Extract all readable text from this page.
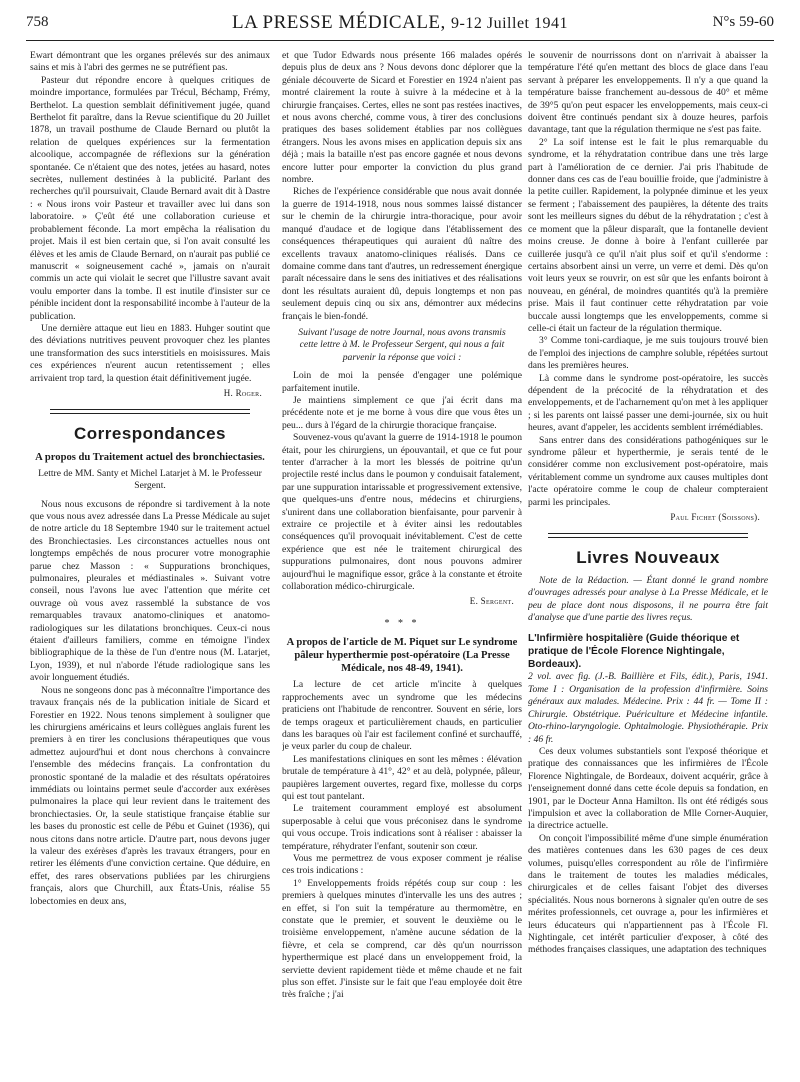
758	LA PRESSE MÉDICALE, 9-12 Juillet 1941	N°s 59-60

Ewart démontrant que les organes prélevés sur des animaux sains et mis à l'abri des germes ne se putréfient pas.

Pasteur dut répondre encore à quelques critiques de moindre importance, formulées par Trécul, Béchamp, Frémy, Berthelot. La question semblait définitivement jugée, quand Berthelot fit paraître, dans la Revue scientifique du 20 Juillet 1878, un travail posthume de Claude Bernard ou plutôt la relation de quelques expériences sur la fermentation alcoolique, accompagnée de réflexions sur la génération spontanée. Ce n'étaient que des notes, jetées au hasard, notes secrètes, nullement destinées à la publicité. Parlant des recherches qu'il poursuivait, Claude Bernard avait dit à Dastre : « Nous irons voir Pasteur et travailler avec lui dans son laboratoire. » Ç'eût été une collaboration curieuse et probablement féconde. La mort empêcha la réalisation du projet. Mais il est bien certain que, si l'on avait consulté les élèves et les amis de Claude Bernard, on n'aurait pas publié ce manuscrit « soigneusement caché », jamais on n'aurait commis un acte qui violait le secret que l'illustre savant avait voulu emporter dans la tombe. Il est inutile d'insister sur ce pénible incident dont la responsabilité incombe à l'auteur de la publication.

Une dernière attaque eut lieu en 1883. Huhger soutint que des déviations nutritives peuvent provoquer chez les plantes une transformation des sucs interstitiels en moisissures. Mais ces expériences n'eurent aucun retentissement ; elles arrivaient trop tard, la question était définitivement jugée.

H. Roger.
Correspondances
A propos du Traitement actuel des bronchiectasies.
Lettre de MM. Santy et Michel Latarjet à M. le Professeur Sergent.

Nous nous excusons de répondre si tardivement à la note que vous nous avez adressée dans La Presse Médicale au sujet de notre article du 18 Septembre 1940 sur le traitement actuel des Bronchiectasies. Les circonstances actuelles nous ont longtemps empêchés de nous procurer votre monographie parue chez Masson : « Suppurations bronchiques, pulmonaires, pleurales et médiastinales ». Suivant votre conseil, nous l'avons lue avec l'attention que mérite cet ouvrage où vous avez rassemblé la substance de vos remarquables travaux anatomo-cliniques et anatomo-radiologiques sur les dilatations bronchiques. Ceux-ci nous étaient d'ailleurs familiers, comme en témoigne l'index bibliographique de la thèse de l'un d'entre nous (M. Latarjet, Lyon, 1939), et nul n'aborde l'étude radiologique sans les avoir longuement étudiés.

Nous ne songeons donc pas à méconnaître l'importance des travaux français nés de la publication initiale de Sicard et Forestier en 1922. Nous tenons simplement à souligner que les chirurgiens américains et leurs collègues anglais furent les premiers à en tirer les conclusions thérapeutiques que vous admettez aujourd'hui et dont nous cherchons à convaincre l'ensemble des médecins français. La confrontation du pronostic spontané de la maladie et des résultats opératoires immédiats ou lointains permet seule d'accorder aux exérèses pulmonaires la place qui leur revient dans le traitement des bronchiectasies. Or, la seule statistique française établie sur les bases du pronostic est celle de Pébu et Guinet (1936), qui nous citons dans notre article. D'autre part, nous devons juger la valeur des exérèses d'après les travaux étrangers, pour en retirer les éléments d'une conviction certaine. Que déduire, en effet, des rares observations publiées par les chirurgiens français, alors que Churchill, aux États-Unis, réalise 55 lobectomies en deux ans,

et que Tudor Edwards nous présente 166 malades opérés depuis plus de deux ans ? Nous devons donc déplorer que la géniale découverte de Sicard et Forestier en 1924 n'aient pas montré clairement la route à suivre à la médecine et à la chirurgie françaises. Certes, elles ne sont pas restées inactives, et nous avons cherché, comme vous, à tirer des conclusions pratiques des bases solidement établies par nos collègues étrangers. Nous les avons mises en application depuis six ans déjà ; mais la bataille n'est pas encore gagnée et nous devons encore lutter pour emporter la conviction du plus grand nombre.

Riches de l'expérience considérable que nous avait donnée la guerre de 1914-1918, nous nous sommes laissé distancer sur le chemin de la chirurgie intra-thoracique, pour avoir manqué d'audace et de logique dans l'établissement des conséquences thérapeutiques qui auraient dû naître des excellents travaux anatomo-cliniques réalisés. Dans ce domaine comme dans tant d'autres, un redressement énergique paraît nécessaire dans le sens des initiatives et des réalisations dont les résultats auraient dû, depuis longtemps et non pas seulement depuis cinq ou six ans, démontrer aux médecins français le bien-fondé.

Suivant l'usage de notre Journal, nous avons transmis cette lettre à M. le Professeur Sergent, qui nous a fait parvenir la réponse que voici :

Loin de moi la pensée d'engager une polémique parfaitement inutile.

Je maintiens simplement ce que j'ai écrit dans ma précédente note et je me borne à vous dire que vous êtes un peu... durs à l'égard de la chirurgie thoracique française.

Souvenez-vous qu'avant la guerre de 1914-1918 le poumon était, pour les chirurgiens, un épouvantail, et que ce fut pour tenter d'arracher à la mort les blessés de poitrine qu'un projectile resté inclus dans le poumon y conduisait fatalement, par une suppuration intarissable et progressivement extensive, que quelques-uns d'entre nous, médecins et chirurgiens, s'unirent dans une collaboration bienfaisante, pour parvenir à extraire ce projectile et à éviter ainsi les redoutables conséquences qu'il provoquait inévitablement. C'est de cette expérience que est née le traitement chirurgical des suppurations pulmonaires, dont nous pouvons admirer aujourd'hui le magnifique essor, grâce à la constante et étroite collaboration médico-chirurgicale.

E. Sergent.
* * *
A propos de l'article de M. Piquet sur Le syndrome pâleur hyperthermie post-opératoire (La Presse Médicale, nos 48-49, 1941).

La lecture de cet article m'incite à quelques rapprochements avec un syndrome que les médecins praticiens ont l'habitude de rencontrer. Souvent en série, lors de temps orageux et particulièrement chauds, en particulier dans les baraques où l'air est facilement confiné et surchauffé, je veux parler du coup de chaleur.

Les manifestations cliniques en sont les mêmes : élévation brutale de température à 41°, 42° et au delà, polypnée, pâleur, paupières largement ouvertes, regard fixe, mollesse du corps qui est tout pantelant.

Le traitement couramment employé est absolument superposable à celui que vous préconisez dans le syndrome qui vous occupe. Trois indications sont à réaliser : abaisser la température, réhydrater l'enfant, soutenir son cœur.

Vous me permettrez de vous exposer comment je réalise ces trois indications :

1° Enveloppements froids répétés coup sur coup : les premiers à quelques minutes d'intervalle les uns des autres ; en effet, si l'on suit la température au thermomètre, en constate que le premier, et souvent le deuxième ou le troisième enveloppement, n'amène aucune sédation de la fièvre, et cela se comprend, car dès qu'un nourrisson hyperthermique est placé dans un enveloppement froid, la serviette devient rapidement tiède et même chaude et ne fait plus son effet. J'insiste sur le fait que l'eau employée doit être très fraîche ; j'ai

le souvenir de nourrissons dont on n'arrivait à abaisser la température l'été qu'en mettant des blocs de glace dans l'eau servant à préparer les enveloppements. Il n'y a que quand la température baisse franchement au-dessous de 40° et même de 39°5 qu'on peut espacer les enveloppements, mais ceux-ci doivent être continués pendant six à douze heures, parfois davantage, tant que la régulation thermique ne s'est pas faite.

2° La soif intense est le fait le plus remarquable du syndrome, et la réhydratation contribue dans une très large part à l'amélioration de ce dernier. J'ai pris l'habitude de donner dans ces cas de l'eau bouillie froide, que j'administre à la petite cuiller. Rapidement, la polypnée diminue et les yeux se ferment ; l'abaissement des paupières, la détente des traits sont les meilleurs signes du début de la réhydratation ; c'est à ce moment que la pâleur disparaît, que la fontanelle devient moins creuse. Je donne à boire à l'enfant cuillerée par cuillerée jusqu'à ce qu'il n'ait plus soif et qu'il s'endorme : certains absorbent ainsi un verre, un verre et demi. Dès qu'on voit leurs yeux se rouvrir, on est sûr que les enfants boiront à nouveau, en général, de moindres quantités qu'à la première prise. Mais il faut continuer cette réhydratation par voie buccale aussi longtemps que les enveloppements, comme si celle-ci était un facteur de la régulation thermique.

3° Comme toni-cardiaque, je me suis toujours trouvé bien de l'emploi des injections de camphre soluble, répétées surtout dans les premières heures.

Là comme dans le syndrome post-opératoire, les succès dépendent de la précocité de la réhydratation et des enveloppements, et de l'acharnement qu'on met à les appliquer ; si les parents ont laissé passer une demi-journée, six ou huit heures, avant d'appeler, les accidents semblent irrémédiables.

Sans entrer dans des considérations pathogéniques sur le syndrome pâleur et hyperthermie, je serais tenté de le considérer comme non exclusivement post-opératoire, mais véritablement comme un syndrome aux causes multiples dont l'acte opératoire comme le coup de chaleur compteraient parmi les principales.

Paul Fichet (Soissons).
Livres Nouveaux

Note de la Rédaction. — Étant donné le grand nombre d'ouvrages adressés pour analyse à La Presse Médicale, et le peu de place dont nous disposons, il ne pourra être fait d'analyse que d'une partie des livres reçus.

L'Infirmière hospitalière (Guide théorique et pratique de l'École Florence Nightingale, Bordeaux).

2 vol. avec fig. (J.-B. Baillière et Fils, édit.), Paris, 1941. Tome I : Organisation de la profession d'infirmière. Soins généraux aux malades. Médecine. Prix : 44 fr. — Tome II : Chirurgie. Obstétrique. Puériculture et Médecine infantile. Oto-rhino-laryngologie. Ophtalmologie. Physiothérapie. Prix : 46 fr.

Ces deux volumes substantiels sont l'exposé théorique et pratique des connaissances que les infirmières de l'École Florence Nightingale, de Bordeaux, doivent acquérir, grâce à l'enseignement donné dans cette école depuis sa fondation, en 1901, par le Docteur Anna Hamilton. Ils ont été rédigés sous l'impulsion et avec la collaboration de Mlle Corner-Auquier, la directrice actuelle.

On conçoit l'impossibilité même d'une simple énumération des matières contenues dans les 630 pages de ces deux volumes, puisqu'elles correspondent au rôle de l'infirmière dans le traitement de toutes les maladies médicales, chirurgicales et de celles faisant l'objet des diverses spécialités. Nous nous bornerons à signaler qu'en outre de ses mérites professionnels, cet ouvrage a, pour les infirmières et leurs éducateurs qui n'appartiennent pas à l'École Fl. Nightingale, cet intérêt particulier d'exposer, à côté des méthodes françaises classiques, une adaptation des techniques
